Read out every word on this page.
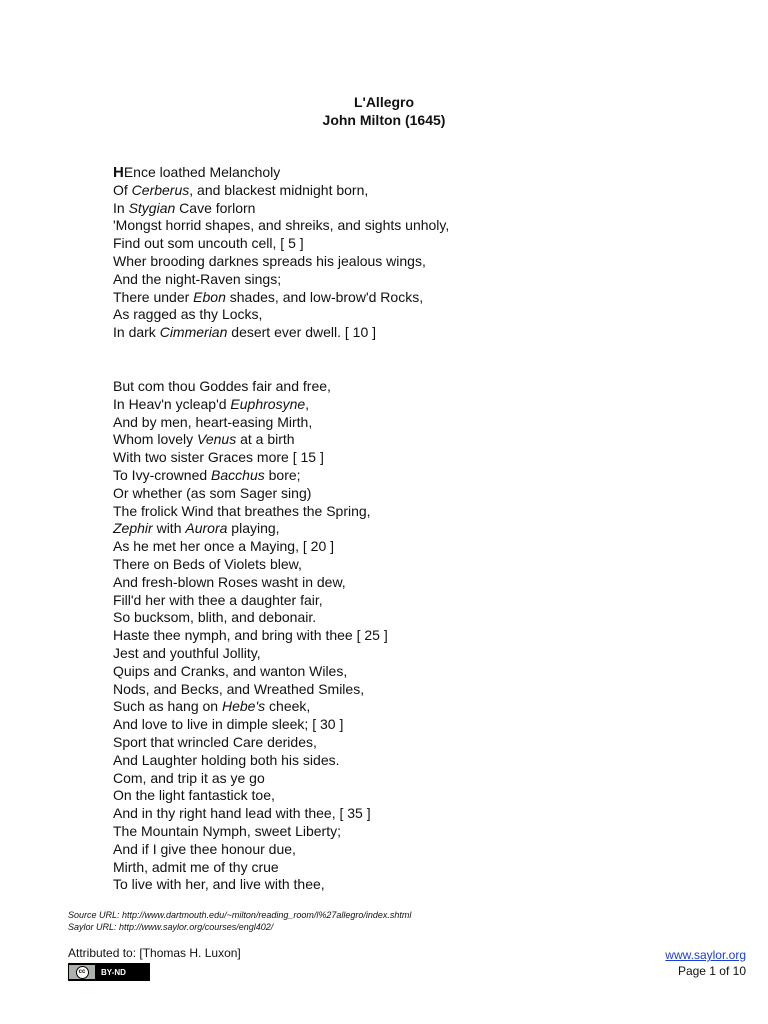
L'Allegro
John Milton (1645)
HEnce loathed Melancholy
Of Cerberus, and blackest midnight born,
In Stygian Cave forlorn
'Mongst horrid shapes, and shreiks, and sights unholy,
Find out som uncouth cell, [ 5 ]
Wher brooding darknes spreads his jealous wings,
And the night-Raven sings;
There under Ebon shades, and low-brow'd Rocks,
As ragged as thy Locks,
In dark Cimmerian desert ever dwell. [ 10 ]
But com thou Goddes fair and free,
In Heav'n ycleap'd Euphrosyne,
And by men, heart-easing Mirth,
Whom lovely Venus at a birth
With two sister Graces more [ 15 ]
To Ivy-crowned Bacchus bore;
Or whether (as som Sager sing)
The frolick Wind that breathes the Spring,
Zephir with Aurora playing,
As he met her once a Maying, [ 20 ]
There on Beds of Violets blew,
And fresh-blown Roses washt in dew,
Fill'd her with thee a daughter fair,
So bucksom, blith, and debonair.
Haste thee nymph, and bring with thee [ 25 ]
Jest and youthful Jollity,
Quips and Cranks, and wanton Wiles,
Nods, and Becks, and Wreathed Smiles,
Such as hang on Hebe's cheek,
And love to live in dimple sleek; [ 30 ]
Sport that wrincled Care derides,
And Laughter holding both his sides.
Com, and trip it as ye go
On the light fantastick toe,
And in thy right hand lead with thee, [ 35 ]
The Mountain Nymph, sweet Liberty;
And if I give thee honour due,
Mirth, admit me of thy crue
To live with her, and live with thee,
Source URL: http://www.dartmouth.edu/~milton/reading_room/l%27allegro/index.shtml
Saylor URL: http://www.saylor.org/courses/engl402/
Attributed to: [Thomas H. Luxon]
cc	BY-ND
www.saylor.org
Page 1 of 10
